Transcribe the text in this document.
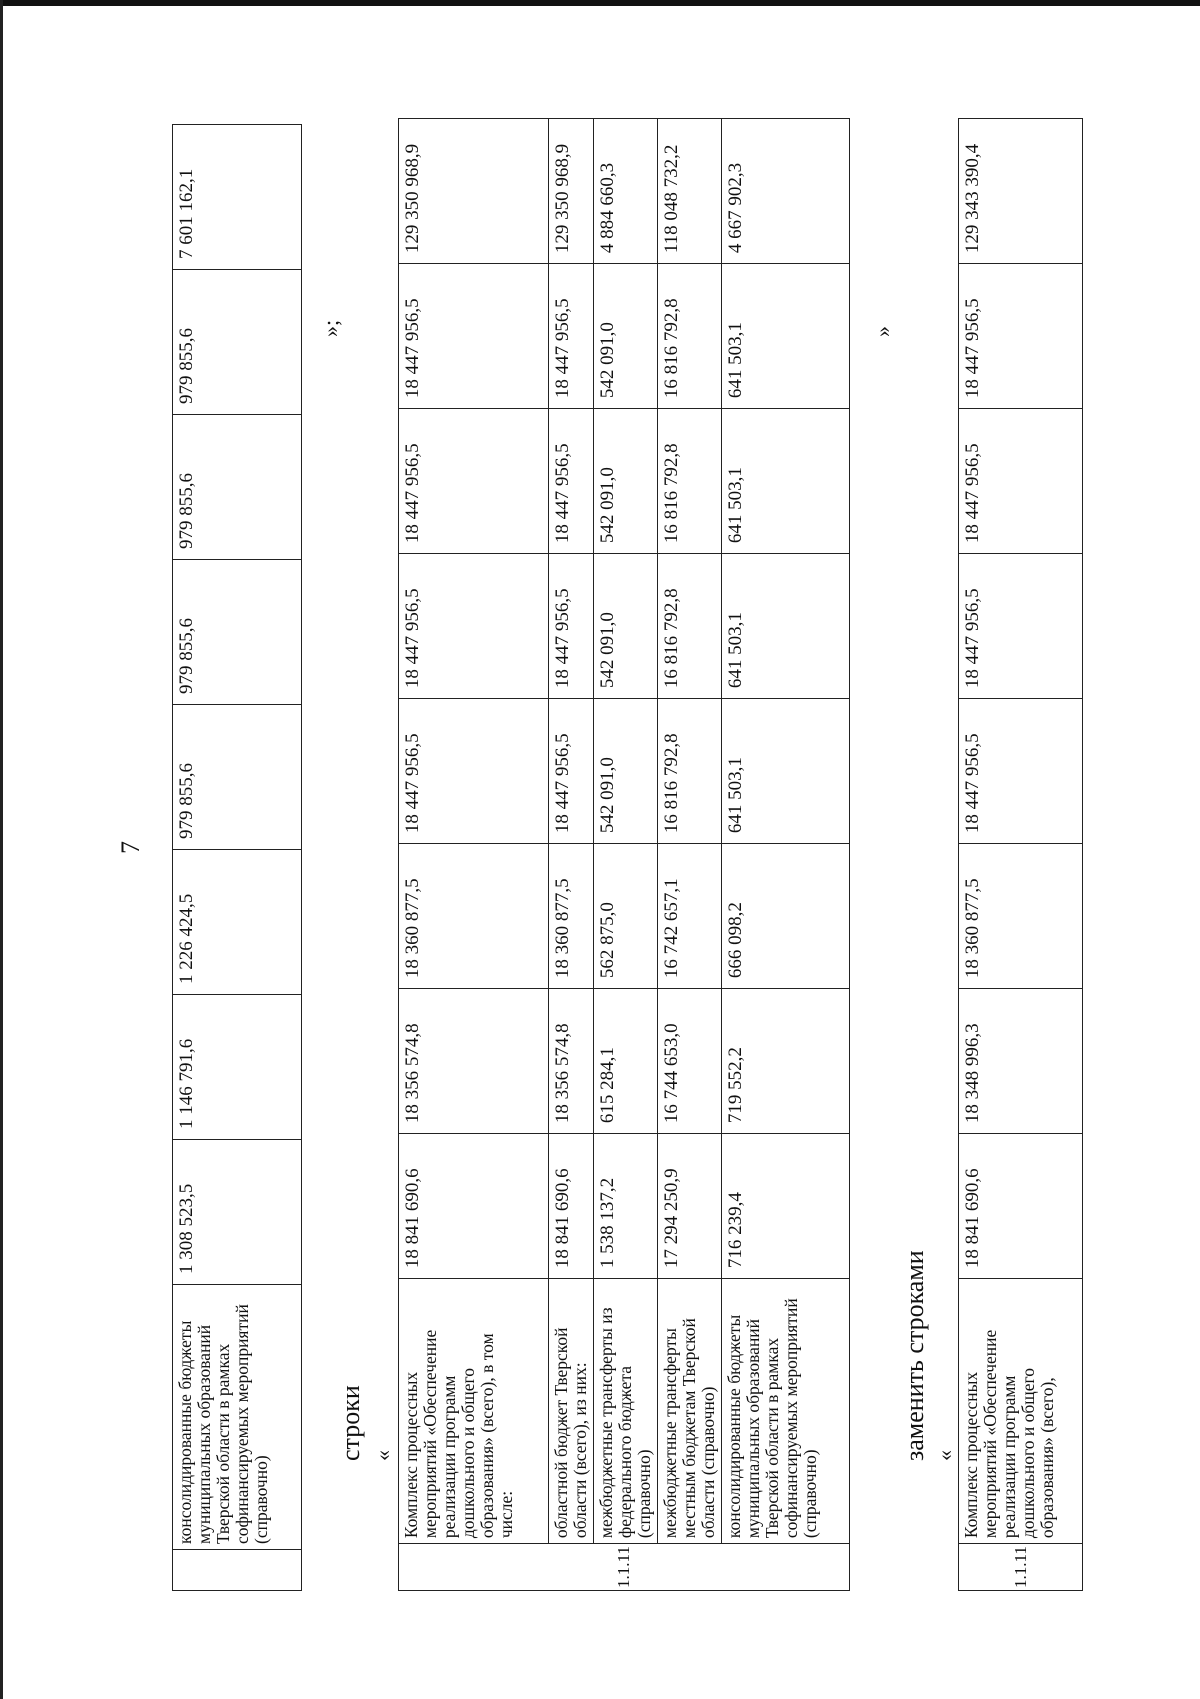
7
	консолидированные бюджеты муниципальных образований Тверской области в рамках софинансируемых мероприятий (справочно)	1 308 523,5	1 146 791,6	1 226 424,5	979 855,6	979 855,6	979 855,6	979 855,6	7 601 162,1
»;
строки «
1.1.11	Комплекс процессных мероприятий «Обеспечение реализации программ дошкольного и общего образования» (всего), в том числе:	18 841 690,6	18 356 574,8	18 360 877,5	18 447 956,5	18 447 956,5	18 447 956,5	18 447 956,5	129 350 968,9
	областной бюджет Тверской области (всего), из них:	18 841 690,6	18 356 574,8	18 360 877,5	18 447 956,5	18 447 956,5	18 447 956,5	18 447 956,5	129 350 968,9
	межбюджетные трансферты из федерального бюджета (справочно)	1 538 137,2	615 284,1	562 875,0	542 091,0	542 091,0	542 091,0	542 091,0	4 884 660,3
	межбюджетные трансферты местным бюджетам Тверской области (справочно)	17 294 250,9	16 744 653,0	16 742 657,1	16 816 792,8	16 816 792,8	16 816 792,8	16 816 792,8	118 048 732,2
	консолидированные бюджеты муниципальных образований Тверской области в рамках софинансируемых мероприятий (справочно)	716 239,4	719 552,2	666 098,2	641 503,1	641 503,1	641 503,1	641 503,1	4 667 902,3
»
заменить строками «
1.1.11	Комплекс процессных мероприятий «Обеспечение реализации программ дошкольного и общего образования» (всего),	18 841 690,6	18 348 996,3	18 360 877,5	18 447 956,5	18 447 956,5	18 447 956,5	18 447 956,5	129 343 390,4
